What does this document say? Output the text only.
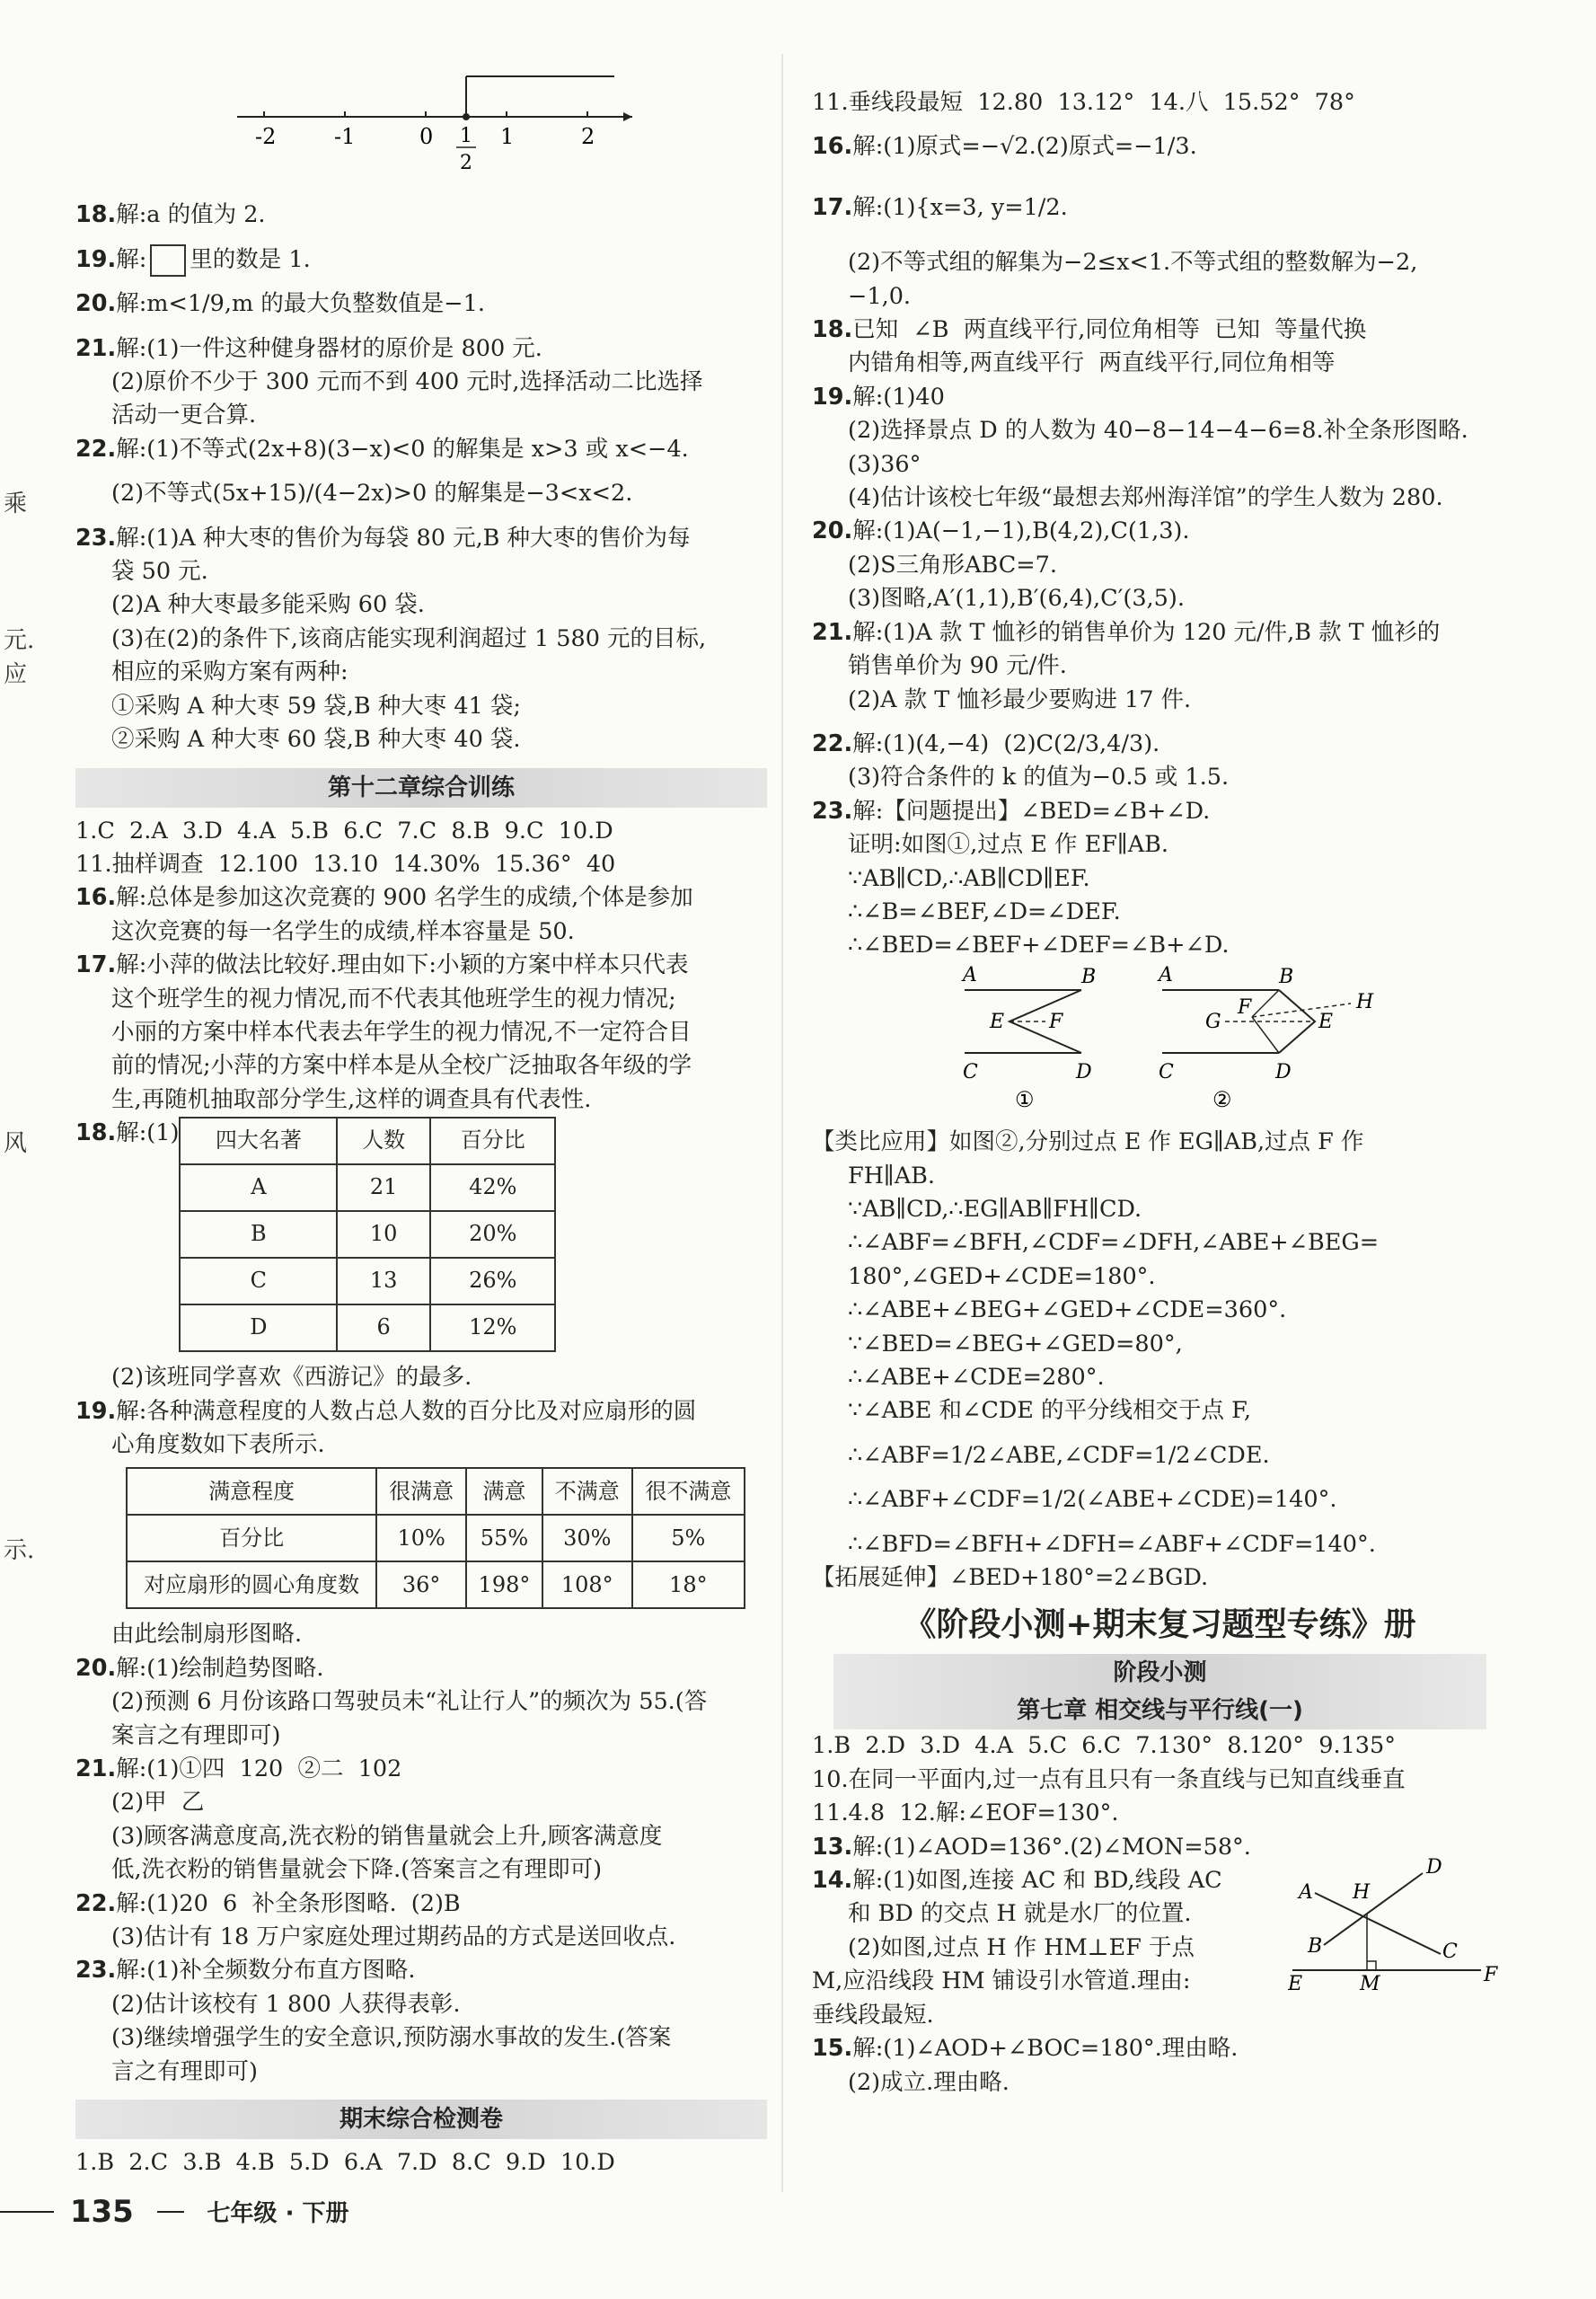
乘
元.
应
风
示.
-2	-1	0	1	2
1
2
18.解:a 的值为 2.
19.解: 里的数是 1.
20.解:m<1/9,m 的最大负整数值是−1.
21.解:(1)一件这种健身器材的原价是 800 元.
(2)原价不少于 300 元而不到 400 元时,选择活动二比选择
活动一更合算.
22.解:(1)不等式(2x+8)(3−x)<0 的解集是 x>3 或 x<−4.
(2)不等式(5x+15)/(4−2x)>0 的解集是−3<x<2.
23.解:(1)A 种大枣的售价为每袋 80 元,B 种大枣的售价为每
袋 50 元.
(2)A 种大枣最多能采购 60 袋.
(3)在(2)的条件下,该商店能实现利润超过 1 580 元的目标,
相应的采购方案有两种:
①采购 A 种大枣 59 袋,B 种大枣 41 袋;
②采购 A 种大枣 60 袋,B 种大枣 40 袋.
第十二章综合训练
1.C  2.A  3.D  4.A  5.B  6.C  7.C  8.B  9.C  10.D
11.抽样调查  12.100  13.10  14.30%  15.36°  40
16.解:总体是参加这次竞赛的 900 名学生的成绩,个体是参加
这次竞赛的每一名学生的成绩,样本容量是 50.
17.解:小萍的做法比较好.理由如下:小颖的方案中样本只代表
这个班学生的视力情况,而不代表其他班学生的视力情况;
小丽的方案中样本代表去年学生的视力情况,不一定符合目
前的情况;小萍的方案中样本是从全校广泛抽取各年级的学
生,再随机抽取部分学生,这样的调查具有代表性.
18.解:(1) 四大名著	人数	百分比
A	21	42%
B	10	20%
C	13	26%
D	6	12%
(2)该班同学喜欢《西游记》的最多.
19.解:各种满意程度的人数占总人数的百分比及对应扇形的圆
心角度数如下表所示.
满意程度	很满意	满意	不满意	很不满意
百分比	10%	55%	30%	5%
对应扇形的圆心角度数	36°	198°	108°	18°
由此绘制扇形图略.
20.解:(1)绘制趋势图略.
(2)预测 6 月份该路口驾驶员未“礼让行人”的频次为 55.(答
案言之有理即可)
21.解:(1)①四  120  ②二  102
(2)甲  乙
(3)顾客满意度高,洗衣粉的销售量就会上升,顾客满意度
低,洗衣粉的销售量就会下降.(答案言之有理即可)
22.解:(1)20  6  补全条形图略.  (2)B
(3)估计有 18 万户家庭处理过期药品的方式是送回收点.
23.解:(1)补全频数分布直方图略.
(2)估计该校有 1 800 人获得表彰.
(3)继续增强学生的安全意识,预防溺水事故的发生.(答案
言之有理即可)
期末综合检测卷
1.B  2.C  3.B  4.B  5.D  6.A  7.D  8.C  9.D  10.D
11.垂线段最短  12.80  13.12°  14.八  15.52°  78°
16.解:(1)原式=−√2.(2)原式=−1/3.
17.解:(1){x=3, y=1/2.
(2)不等式组的解集为−2≤x<1.不等式组的整数解为−2,
−1,0.
18.已知  ∠B  两直线平行,同位角相等  已知  等量代换
内错角相等,两直线平行  两直线平行,同位角相等
19.解:(1)40
(2)选择景点 D 的人数为 40−8−14−4−6=8.补全条形图略.
(3)36°
(4)估计该校七年级“最想去郑州海洋馆”的学生人数为 280.
20.解:(1)A(−1,−1),B(4,2),C(1,3).
(2)S三角形ABC=7.
(3)图略,A′(1,1),B′(6,4),C′(3,5).
21.解:(1)A 款 T 恤衫的销售单价为 120 元/件,B 款 T 恤衫的
销售单价为 90 元/件.
(2)A 款 T 恤衫最少要购进 17 件.
22.解:(1)(4,−4)  (2)C(2/3,4/3).
(3)符合条件的 k 的值为−0.5 或 1.5.
23.解:【问题提出】∠BED=∠B+∠D.
证明:如图①,过点 E 作 EF∥AB.
∵AB∥CD,∴AB∥CD∥EF.
∴∠B=∠BEF,∠D=∠DEF.
∴∠BED=∠BEF+∠DEF=∠B+∠D.
A	B
E F
C	D
①
A	B
F	H
G	E
C	D
②
【类比应用】如图②,分别过点 E 作 EG∥AB,过点 F 作
FH∥AB.
∵AB∥CD,∴EG∥AB∥FH∥CD.
∴∠ABF=∠BFH,∠CDF=∠DFH,∠ABE+∠BEG=
180°,∠GED+∠CDE=180°.
∴∠ABE+∠BEG+∠GED+∠CDE=360°.
∵∠BED=∠BEG+∠GED=80°,
∴∠ABE+∠CDE=280°.
∵∠ABE 和∠CDE 的平分线相交于点 F,
∴∠ABF=1/2∠ABE,∠CDF=1/2∠CDE.
∴∠ABF+∠CDF=1/2(∠ABE+∠CDE)=140°.
∴∠BFD=∠BFH+∠DFH=∠ABF+∠CDF=140°.
【拓展延伸】∠BED+180°=2∠BGD.
《阶段小测+期末复习题型专练》册
阶段小测
第七章 相交线与平行线(一)
1.B  2.D  3.D  4.A  5.C  6.C  7.130°  8.120°  9.135°
10.在同一平面内,过一点有且只有一条直线与已知直线垂直
11.4.8  12.解:∠EOF=130°.
13.解:(1)∠AOD=136°.(2)∠MON=58°.
14.解:(1)如图,连接 AC 和 BD,线段 AC
和 BD 的交点 H 就是水厂的位置.
(2)如图,过点 H 作 HM⊥EF 于点
M,应沿线段 HM 铺设引水管道.理由:
垂线段最短.
D
A H
B	C
E	M	F
15.解:(1)∠AOD+∠BOC=180°.理由略.
(2)成立.理由略.
135	七年级 · 下册
